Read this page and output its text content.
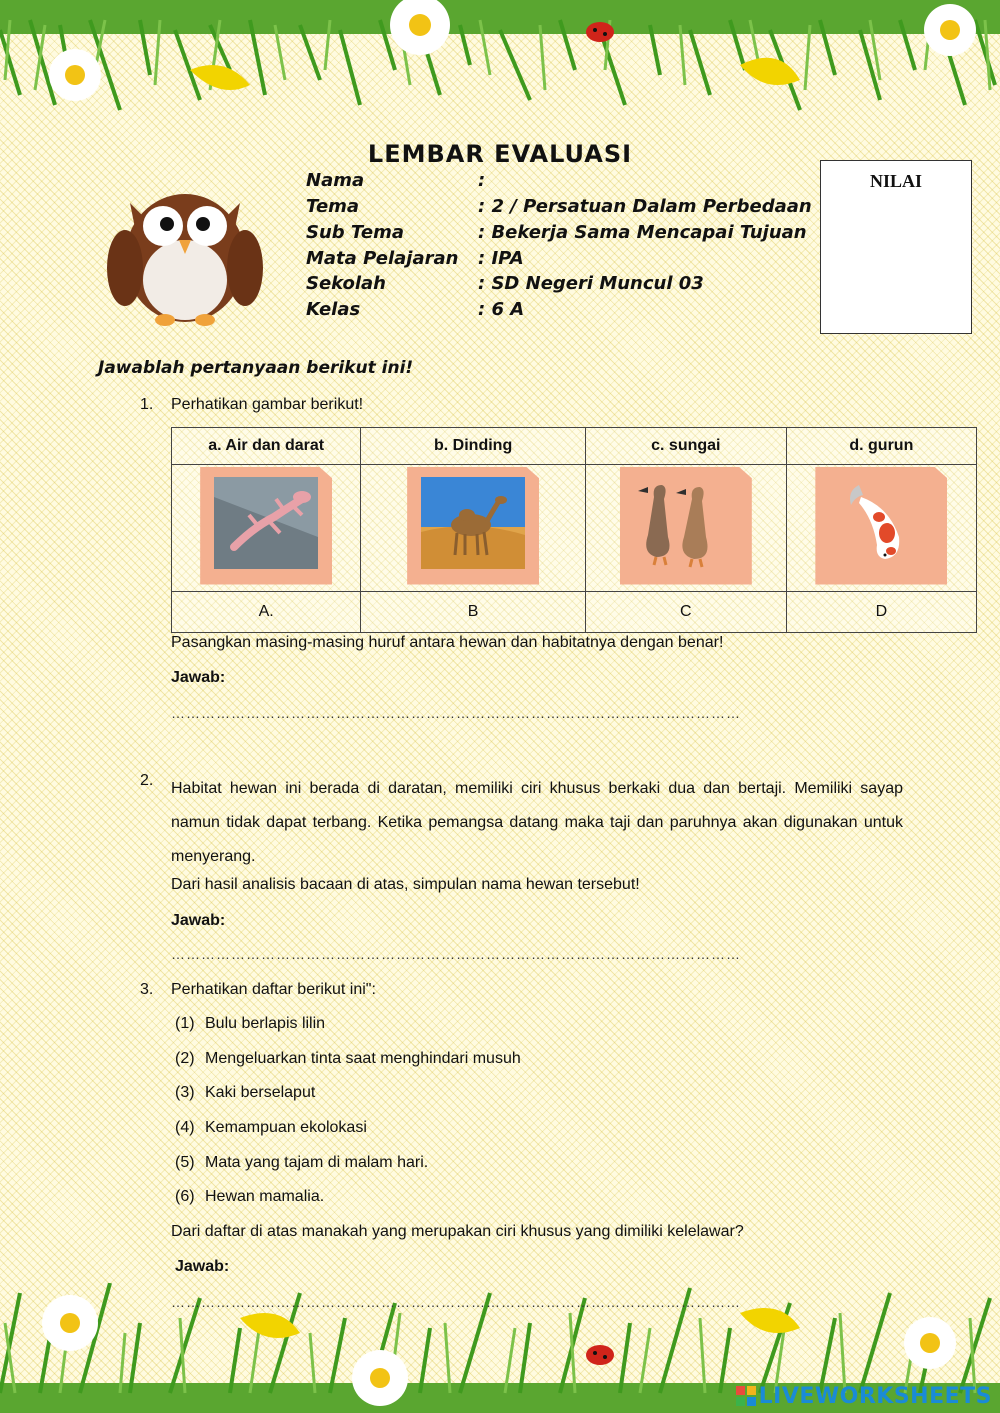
LEMBAR EVALUASI
Nama	:
Tema	: 2 / Persatuan Dalam Perbedaan
Sub Tema	: Bekerja Sama Mencapai Tujuan
Mata Pelajaran : IPA
Sekolah	: SD Negeri Muncul 03
Kelas	: 6 A
NILAI
Jawablah pertanyaan berikut ini!
1. Perhatikan gambar berikut!
a. Air dan darat	b. Dinding	c. sungai	d. gurun

A.	B	C	D
Pasangkan masing-masing huruf antara hewan dan habitatnya dengan benar!
Jawab:
……………………………………………………………………………………………………
2. Habitat hewan ini berada di daratan, memiliki ciri khusus berkaki dua dan bertaji. Memiliki sayap
namun tidak dapat terbang. Ketika pemangsa datang maka taji dan paruhnya akan digunakan untuk
menyerang.
Dari hasil analisis bacaan di atas, simpulan nama hewan tersebut!
Jawab:
……………………………………………………………………………………………………
3. Perhatikan daftar berikut ini":
(1) Bulu berlapis lilin
(2) Mengeluarkan tinta saat menghindari musuh
(3) Kaki berselaput
(4) Kemampuan ekolokasi
(5) Mata yang tajam di malam hari.
(6) Hewan mamalia.
Dari daftar di atas manakah yang merupakan ciri khusus yang dimiliki kelelawar?
Jawab:
……………………………………………………………………………………………………
LIVEWORKSHEETS
